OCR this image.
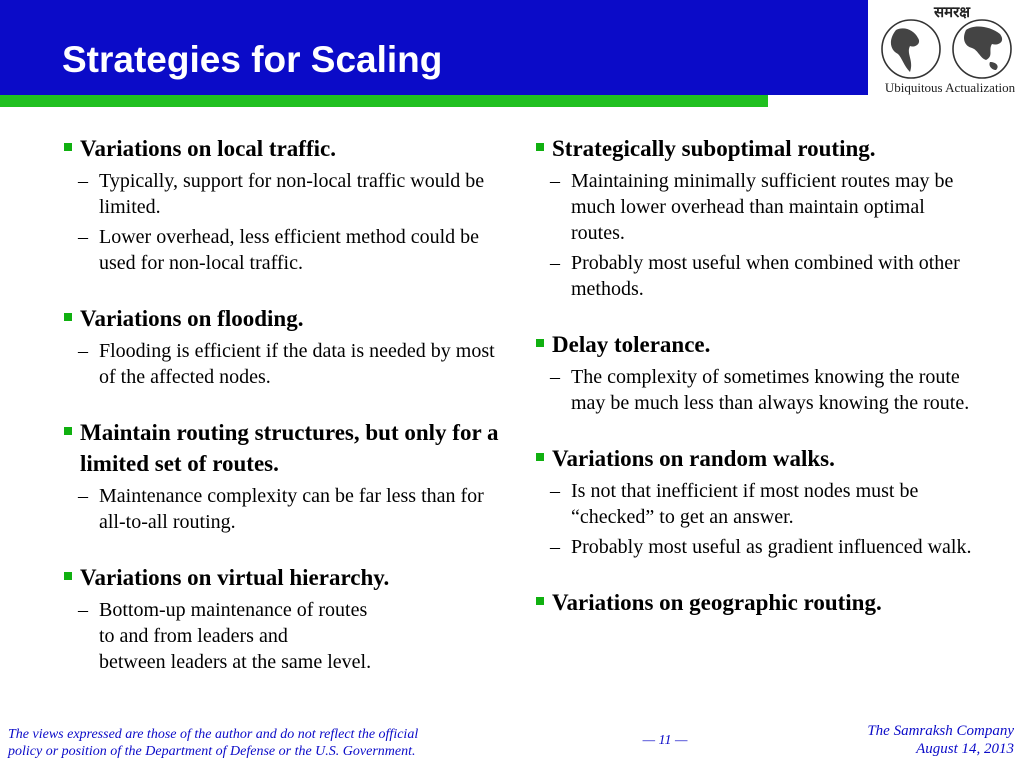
Strategies for Scaling
समरक्ष
Ubiquitous Actualization
Variations on local traffic.
– Typically, support for non-local traffic would be limited.
– Lower overhead, less efficient method could be used for non-local traffic.
Variations on flooding.
– Flooding is efficient if the data is needed by most of the affected nodes.
Maintain routing structures, but only for a limited set of routes.
– Maintenance complexity can be far less than for all-to-all routing.
Variations on virtual hierarchy.
– Bottom-up maintenance of routes
to and from leaders and
between leaders at the same level.
Strategically suboptimal routing.
– Maintaining minimally sufficient routes may be much lower overhead than maintain optimal routes.
– Probably most useful when combined with other methods.
Delay tolerance.
– The complexity of sometimes knowing the route may be much less than always knowing the route.
Variations on random walks.
– Is not that inefficient if most nodes must be “checked” to get an answer.
– Probably most useful as gradient influenced walk.
Variations on geographic routing.
The views expressed are those of the author and do not reflect the official
policy or position of the Department of Defense or the U.S. Government.
— 11 —
The Samraksh Company
August 14, 2013
